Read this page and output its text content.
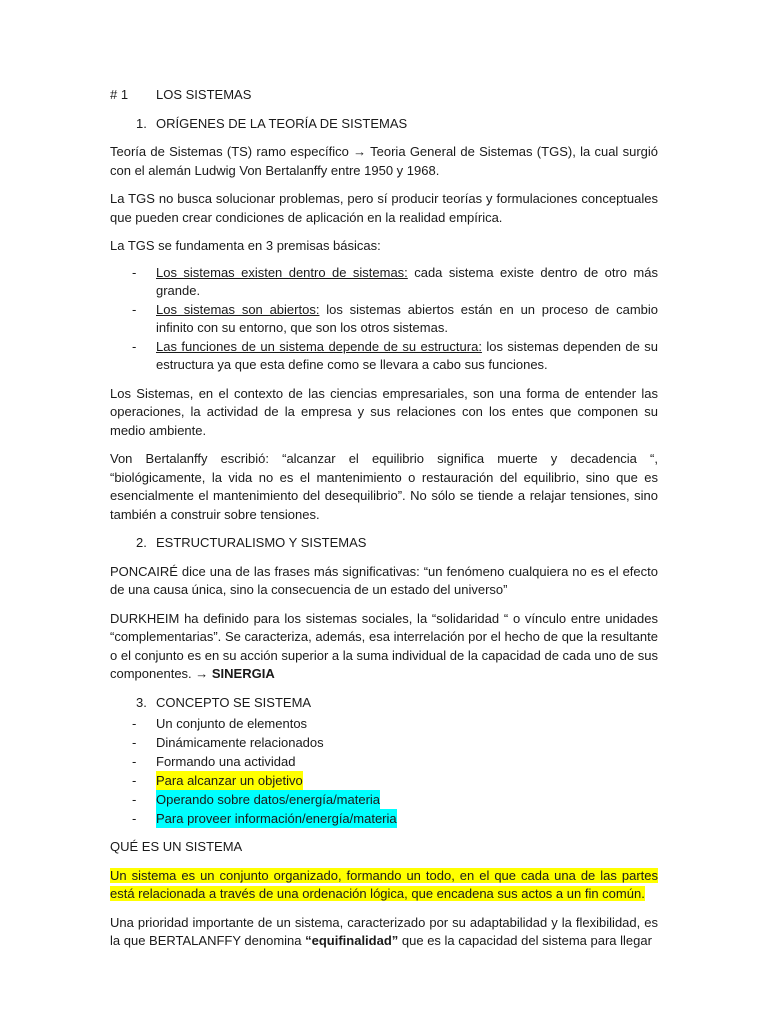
# 1	LOS SISTEMAS
1. ORÍGENES DE LA TEORÍA DE SISTEMAS

Teoría de Sistemas (TS) ramo específico → Teoria General de Sistemas (TGS), la cual surgió con el alemán Ludwig Von Bertalanffy entre 1950 y 1968.

La TGS no busca solucionar problemas, pero sí producir teorías y formulaciones conceptuales que pueden crear condiciones de aplicación en la realidad empírica.

La TGS se fundamenta en 3 premisas básicas:

-	Los sistemas existen dentro de sistemas: cada sistema existe dentro de otro más grande.
-	Los sistemas son abiertos: los sistemas abiertos están en un proceso de cambio infinito con su entorno, que son los otros sistemas.
-	Las funciones de un sistema depende de su estructura: los sistemas dependen de su estructura ya que esta define como se llevara a cabo sus funciones.

Los Sistemas, en el contexto de las ciencias empresariales, son una forma de entender las operaciones, la actividad de la empresa y sus relaciones con los entes que componen su medio ambiente.

Von Bertalanffy escribió: “alcanzar el equilibrio significa muerte y decadencia “, “biológicamente, la vida no es el mantenimiento o restauración del equilibrio, sino que es esencialmente el mantenimiento del desequilibrio”. No sólo se tiende a relajar tensiones, sino también a construir sobre tensiones.

2. ESTRUCTURALISMO Y SISTEMAS

PONCAIRÉ dice una de las frases más significativas: “un fenómeno cualquiera no es el efecto de una causa única, sino la consecuencia de un estado del universo”

DURKHEIM ha definido para los sistemas sociales, la “solidaridad “ o vínculo entre unidades “complementarias”. Se caracteriza, además, esa interrelación por el hecho de que la resultante o el conjunto es en su acción superior a la suma individual de la capacidad de cada uno de sus componentes. → SINERGIA

3. CONCEPTO SE SISTEMA
-	Un conjunto de elementos
-	Dinámicamente relacionados
-	Formando una actividad
-	Para alcanzar un objetivo
-	Operando sobre datos/energía/materia
-	Para proveer información/energía/materia
QUÉ ES UN SISTEMA

Un sistema es un conjunto organizado, formando un todo, en el que cada una de las partes está relacionada a través de una ordenación lógica, que encadena sus actos a un fin común.

Una prioridad importante de un sistema, caracterizado por su adaptabilidad y la flexibilidad, es la que BERTALANFFY denomina “equifinalidad” que es la capacidad del sistema para llegar
